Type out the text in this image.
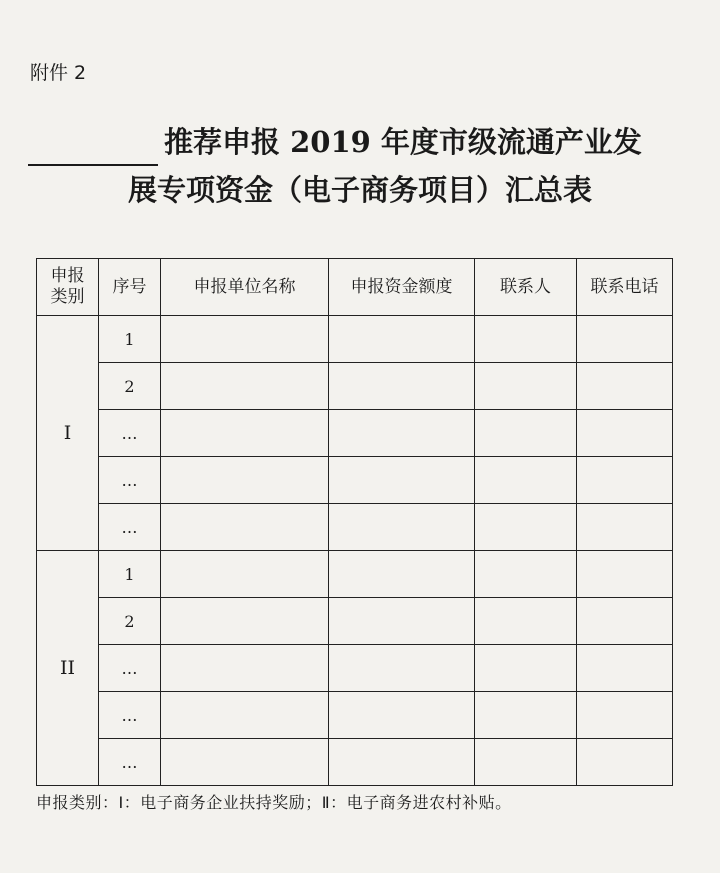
附件 2
推荐申报 2019 年度市级流通产业发
展专项资金（电子商务项目）汇总表
申报
类别	序号	申报单位名称	申报资金额度	联系人	联系电话
I	1				
	2				
	…				
	…				
	…				
II	1				
	2				
	…				
	…				
	…				
申报类别：Ⅰ：电子商务企业扶持奖励；Ⅱ：电子商务进农村补贴。
